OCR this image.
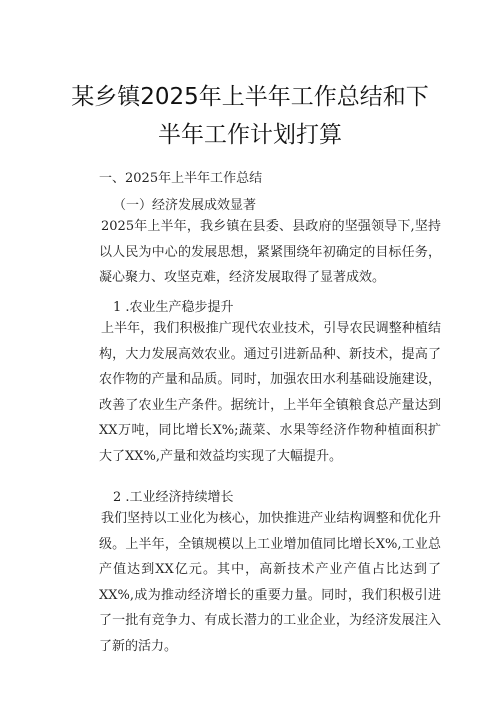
某乡镇2025年上半年工作总结和下
半年工作计划打算
一、2025年上半年工作总结
（一）经济发展成效显著

2025年上半年，我乡镇在县委、县政府的坚强领导下,坚持以人民为中心的发展思想，紧紧围绕年初确定的目标任务，凝心聚力、攻坚克难，经济发展取得了显著成效。

1 .农业生产稳步提升

上半年，我们积极推广现代农业技术，引导农民调整种植结构，大力发展高效农业。通过引进新品种、新技术，提高了农作物的产量和品质。同时，加强农田水利基础设施建设，改善了农业生产条件。据统计，上半年全镇粮食总产量达到XX万吨，同比增长X%;蔬菜、水果等经济作物种植面积扩大了XX%,产量和效益均实现了大幅提升。

2 .工业经济持续增长

我们坚持以工业化为核心，加快推进产业结构调整和优化升级。上半年，全镇规模以上工业增加值同比增长X%,工业总产值达到XX亿元。其中，高新技术产业产值占比达到了XX%,成为推动经济增长的重要力量。同时，我们积极引进了一批有竞争力、有成长潜力的工业企业，为经济发展注入了新的活力。
